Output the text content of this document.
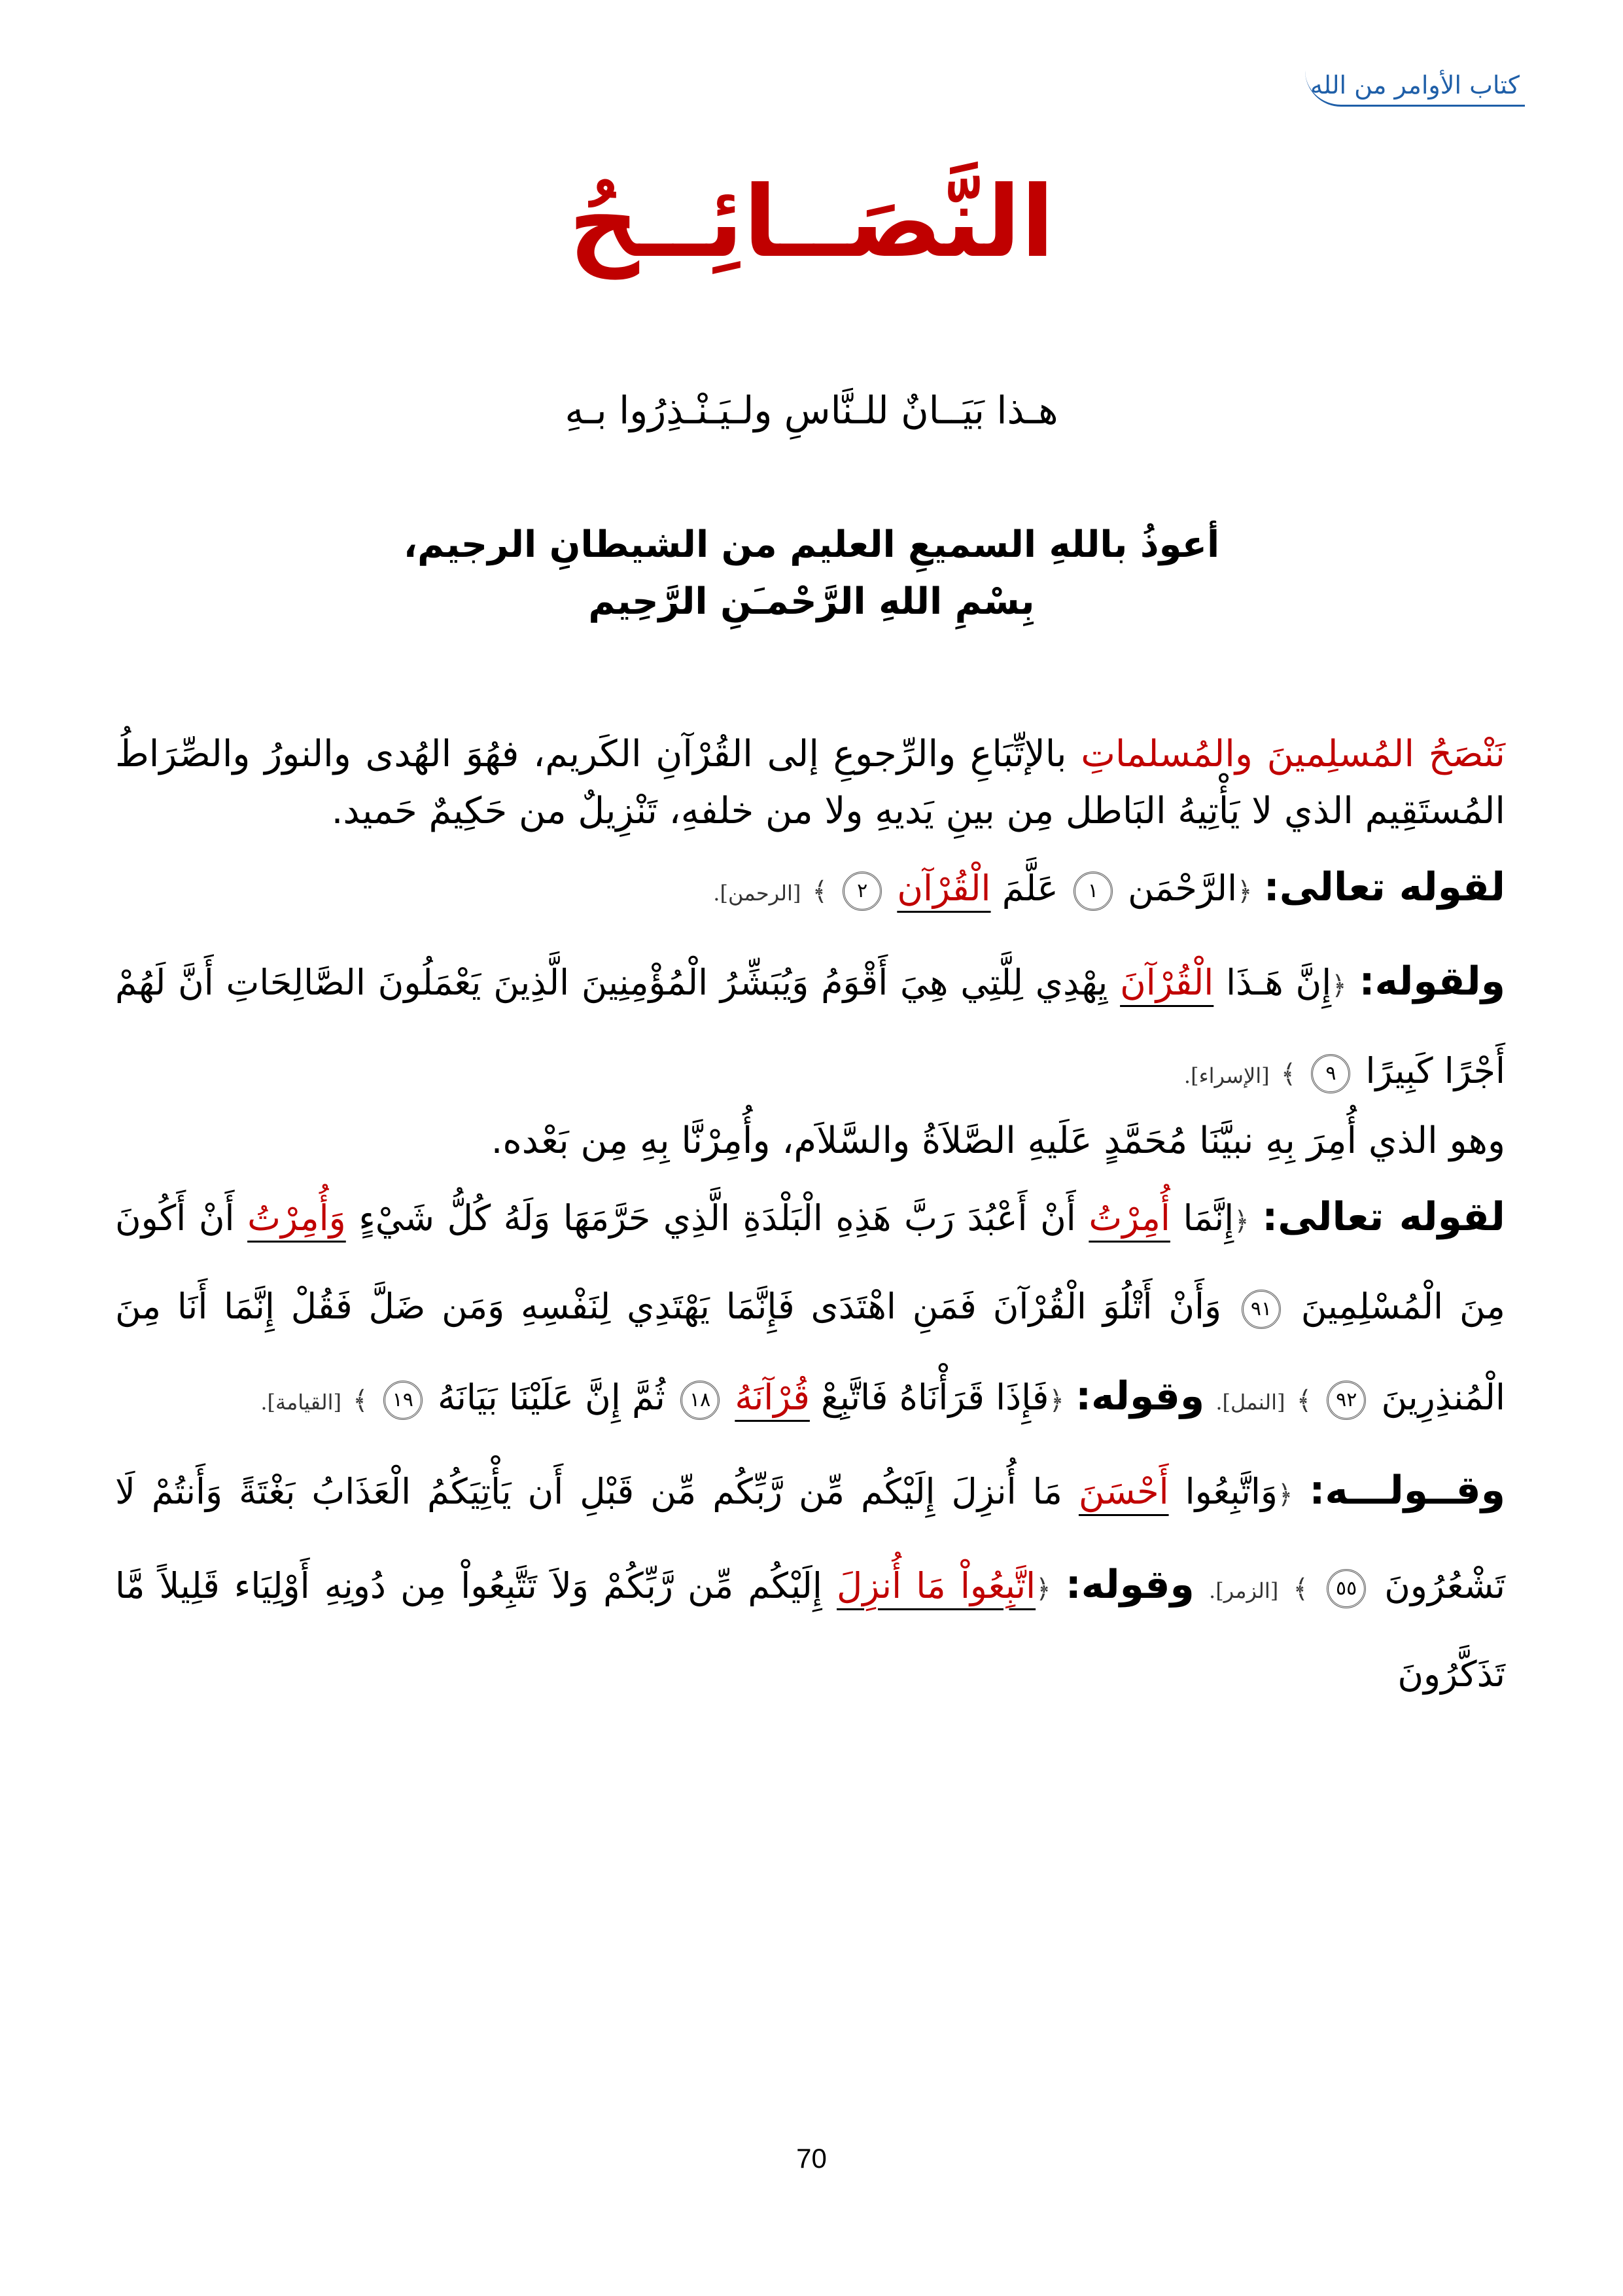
كتاب الأوامر من الله
النَّصَــائِــحُ
هـذا بَيَــانٌ للـنَّاسِ ولـيَـنْـذِرُوا بـهِ
أعوذُ باللهِ السميعِ العليم من الشيطانِ الرجيم،
بِسْمِ اللهِ الرَّحْمـَنِ الرَّحِيم

نَنْصَحُ المُسلِمينَ والمُسلماتِ بالإتِّبَاعِ والرِّجوعِ إلى القُرْآنِ الكَريم، فهُوَ الهُدى والنورُ والصِّرَاطُ المُستَقِيم الذي لا يَأْتِيهُ البَاطل مِن بينِ يَديهِ ولا من خلفهِ، تَنْزِيلٌ من حَكِيمٌ حَميد.

لقوله تعالى: ﴿الرَّحْمَن ١ عَلَّمَ الْقُرْآن ٢ ﴾ [الرحمن].

ولقوله: ﴿إِنَّ هَـذَا الْقُرْآنَ يِهْدِي لِلَّتِي هِيَ أَقْوَمُ وَيُبَشِّرُ الْمُؤْمِنِينَ الَّذِينَ يَعْمَلُونَ الصَّالِحَاتِ أَنَّ لَهُمْ أَجْرًا كَبِيرًا ٩ ﴾ [الإسراء].

وهو الذي أُمِرَ بِهِ نبيَّنَا مُحَمَّدٍ عَلَيهِ الصَّلاَةُ والسَّلاَم، وأُمِرْنَّا بِهِ مِن بَعْده.

لقوله تعالى: ﴿إِنَّمَا أُمِرْتُ أَنْ أَعْبُدَ رَبَّ هَذِهِ الْبَلْدَةِ الَّذِي حَرَّمَهَا وَلَهُ كُلُّ شَيْءٍ وَأُمِرْتُ أَنْ أَكُونَ مِنَ الْمُسْلِمِينَ ٩١ وَأَنْ أَتْلُوَ الْقُرْآنَ فَمَنِ اهْتَدَى فَإِنَّمَا يَهْتَدِي لِنَفْسِهِ وَمَن ضَلَّ فَقُلْ إِنَّمَا أَنَا مِنَ الْمُنذِرِينَ ٩٢ ﴾ [النمل]. وقوله: ﴿فَإِذَا قَرَأْنَاهُ فَاتَّبِعْ قُرْآنَهُ ١٨ ثُمَّ إِنَّ عَلَيْنَا بَيَانَهُ ١٩ ﴾ [القيامة].

وقــولـــه: ﴿وَاتَّبِعُوا أَحْسَنَ مَا أُنزِلَ إِلَيْكُم مِّن رَّبِّكُم مِّن قَبْلِ أَن يَأْتِيَكُمُ الْعَذَابُ بَغْتَةً وَأَنتُمْ لَا تَشْعُرُونَ ٥٥ ﴾ [الزمر]. وقوله: ﴿اتَّبِعُواْ مَا أُنزِلَ إِلَيْكُم مِّن رَّبِّكُمْ وَلاَ تَتَّبِعُواْ مِن دُونِهِ أَوْلِيَاء قَلِيلاً مَّا تَذَكَّرُونَ

70
